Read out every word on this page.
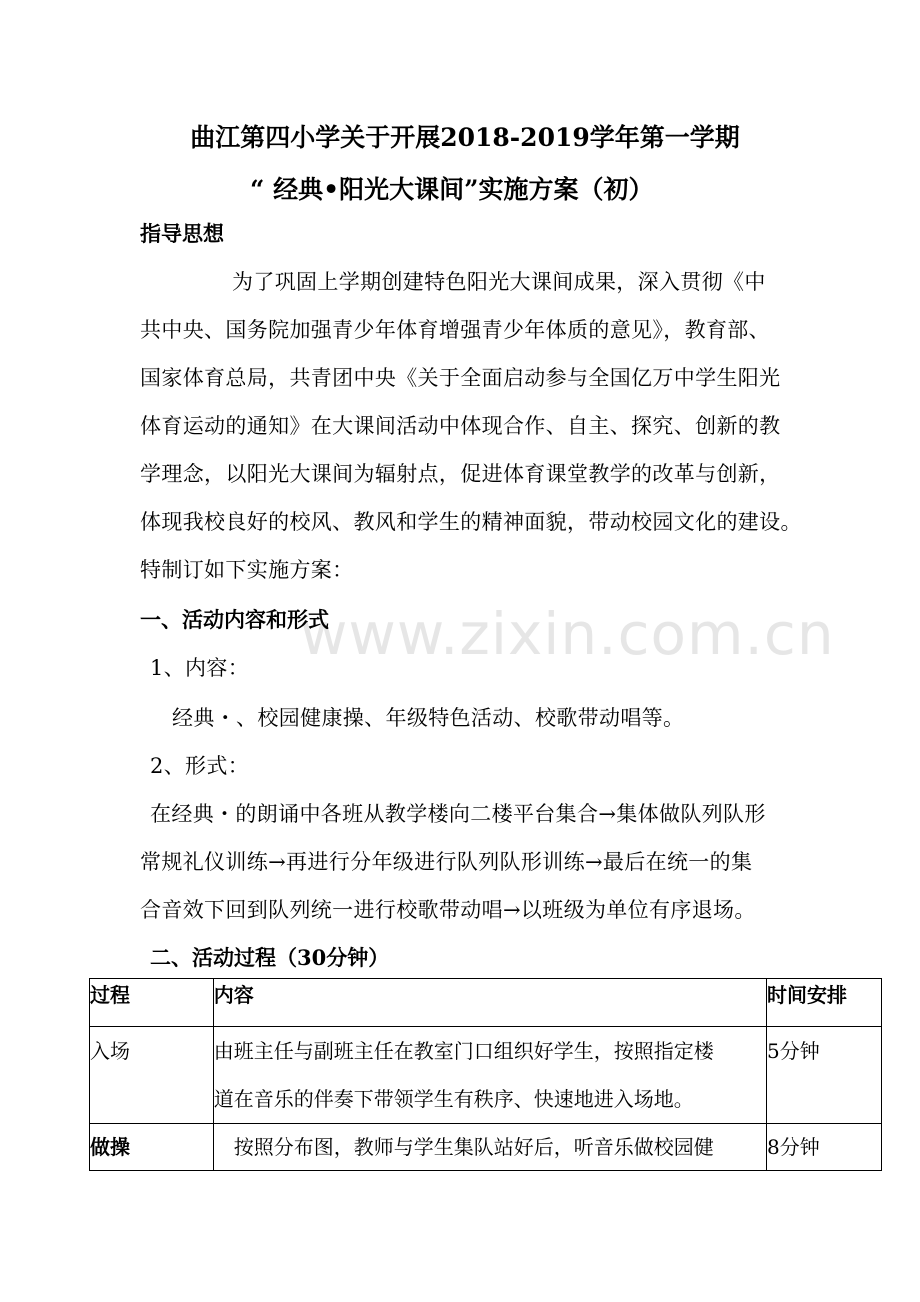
www.zixin.com.cn
曲江第四小学关于开展2018-2019学年第一学期
“ 经典•阳光大课间”实施方案（初）
指导思想
为了巩固上学期创建特色阳光大课间成果，深入贯彻《中
共中央、国务院加强青少年体育增强青少年体质的意见》，教育部、
国家体育总局，共青团中央《关于全面启动参与全国亿万中学生阳光
体育运动的通知》在大课间活动中体现合作、自主、探究、创新的教
学理念，以阳光大课间为辐射点，促进体育课堂教学的改革与创新，
体现我校良好的校风、教风和学生的精神面貌，带动校园文化的建设。
特制订如下实施方案：
一、活动内容和形式
1、内容：
经典・、校园健康操、年级特色活动、校歌带动唱等。
2、形式：
在经典・的朗诵中各班从教学楼向二楼平台集合→集体做队列队形
常规礼仪训练→再进行分年级进行队列队形训练→最后在统一的集
合音效下回到队列统一进行校歌带动唱→以班级为单位有序退场。
二、活动过程（30分钟）
过程	内容	时间安排
入场	由班主任与副班主任在教室门口组织好学生，按照指定楼
道在音乐的伴奏下带领学生有秩序、快速地进入场地。	5分钟
做操	按照分布图，教师与学生集队站好后，听音乐做校园健	8分钟
